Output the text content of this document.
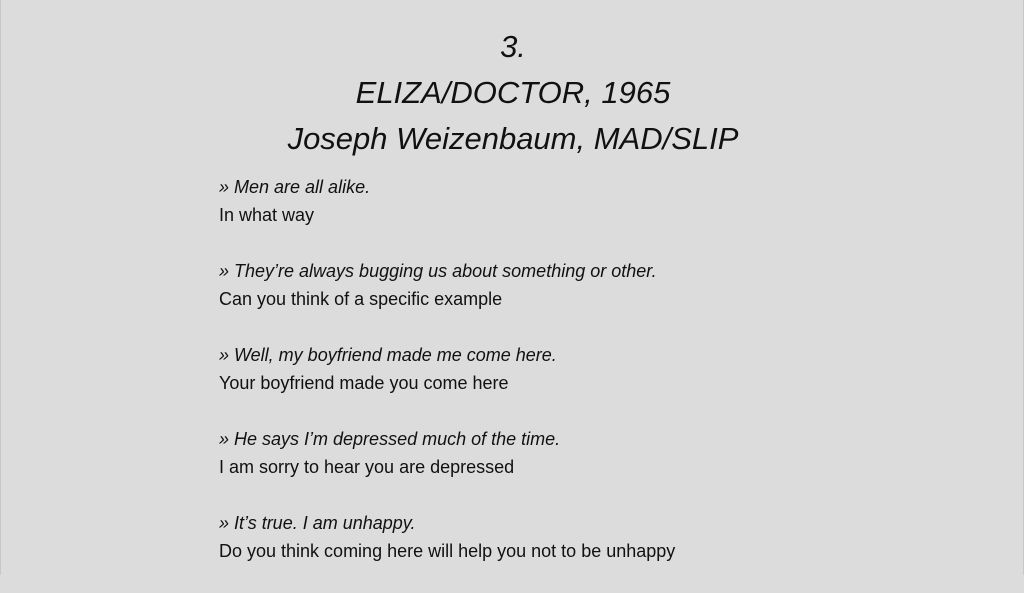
3.
ELIZA/DOCTOR, 1965
Joseph Weizenbaum, MAD/SLIP
» Men are all alike.
In what way
» They’re always bugging us about something or other.
Can you think of a specific example
» Well, my boyfriend made me come here.
Your boyfriend made you come here
» He says I’m depressed much of the time.
I am sorry to hear you are depressed
» It’s true. I am unhappy.
Do you think coming here will help you not to be unhappy
